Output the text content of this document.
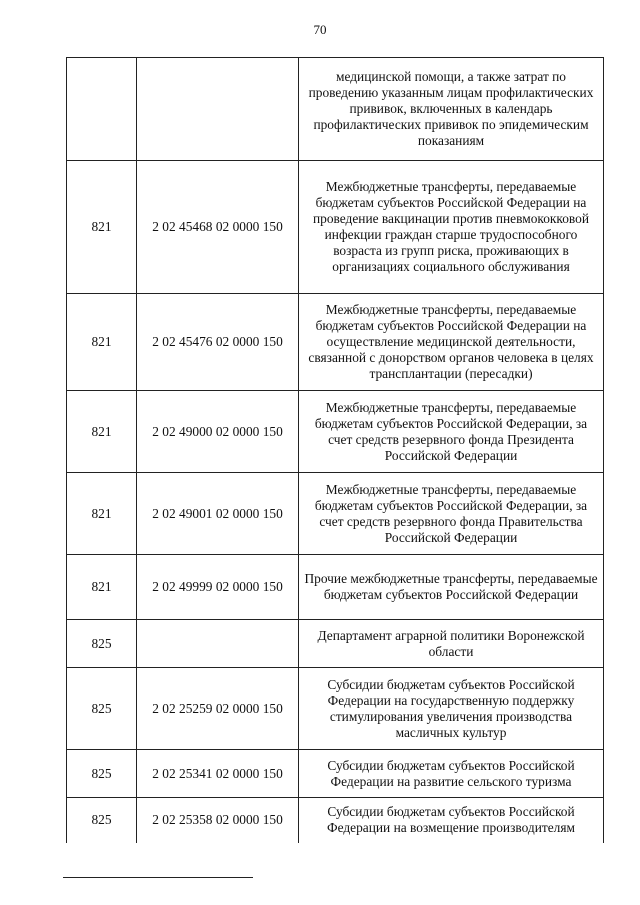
70
		медицинской помощи, а также затрат по проведению указанным лицам профилактических прививок, включенных в календарь профилактических прививок по эпидемическим показаниям
821	2 02 45468 02 0000 150	Межбюджетные трансферты, передаваемые бюджетам субъектов Российской Федерации на проведение вакцинации против пневмококковой инфекции граждан старше трудоспособного возраста из групп риска, проживающих в организациях социального обслуживания
821	2 02 45476 02 0000 150	Межбюджетные трансферты, передаваемые бюджетам субъектов Российской Федерации на осуществление медицинской деятельности, связанной с донорством органов человека в целях трансплантации (пересадки)
821	2 02 49000 02 0000 150	Межбюджетные трансферты, передаваемые бюджетам субъектов Российской Федерации, за счет средств резервного фонда Президента Российской Федерации
821	2 02 49001 02 0000 150	Межбюджетные трансферты, передаваемые бюджетам субъектов Российской Федерации, за счет средств резервного фонда Правительства Российской Федерации
821	2 02 49999 02 0000 150	Прочие межбюджетные трансферты, передаваемые бюджетам субъектов Российской Федерации
825		Департамент аграрной политики Воронежской области
825	2 02 25259 02 0000 150	Субсидии бюджетам субъектов Российской Федерации на государственную поддержку стимулирования увеличения производства масличных культур
825	2 02 25341 02 0000 150	Субсидии бюджетам субъектов Российской Федерации на развитие сельского туризма
825	2 02 25358 02 0000 150	Субсидии бюджетам субъектов Российской Федерации на возмещение производителям
